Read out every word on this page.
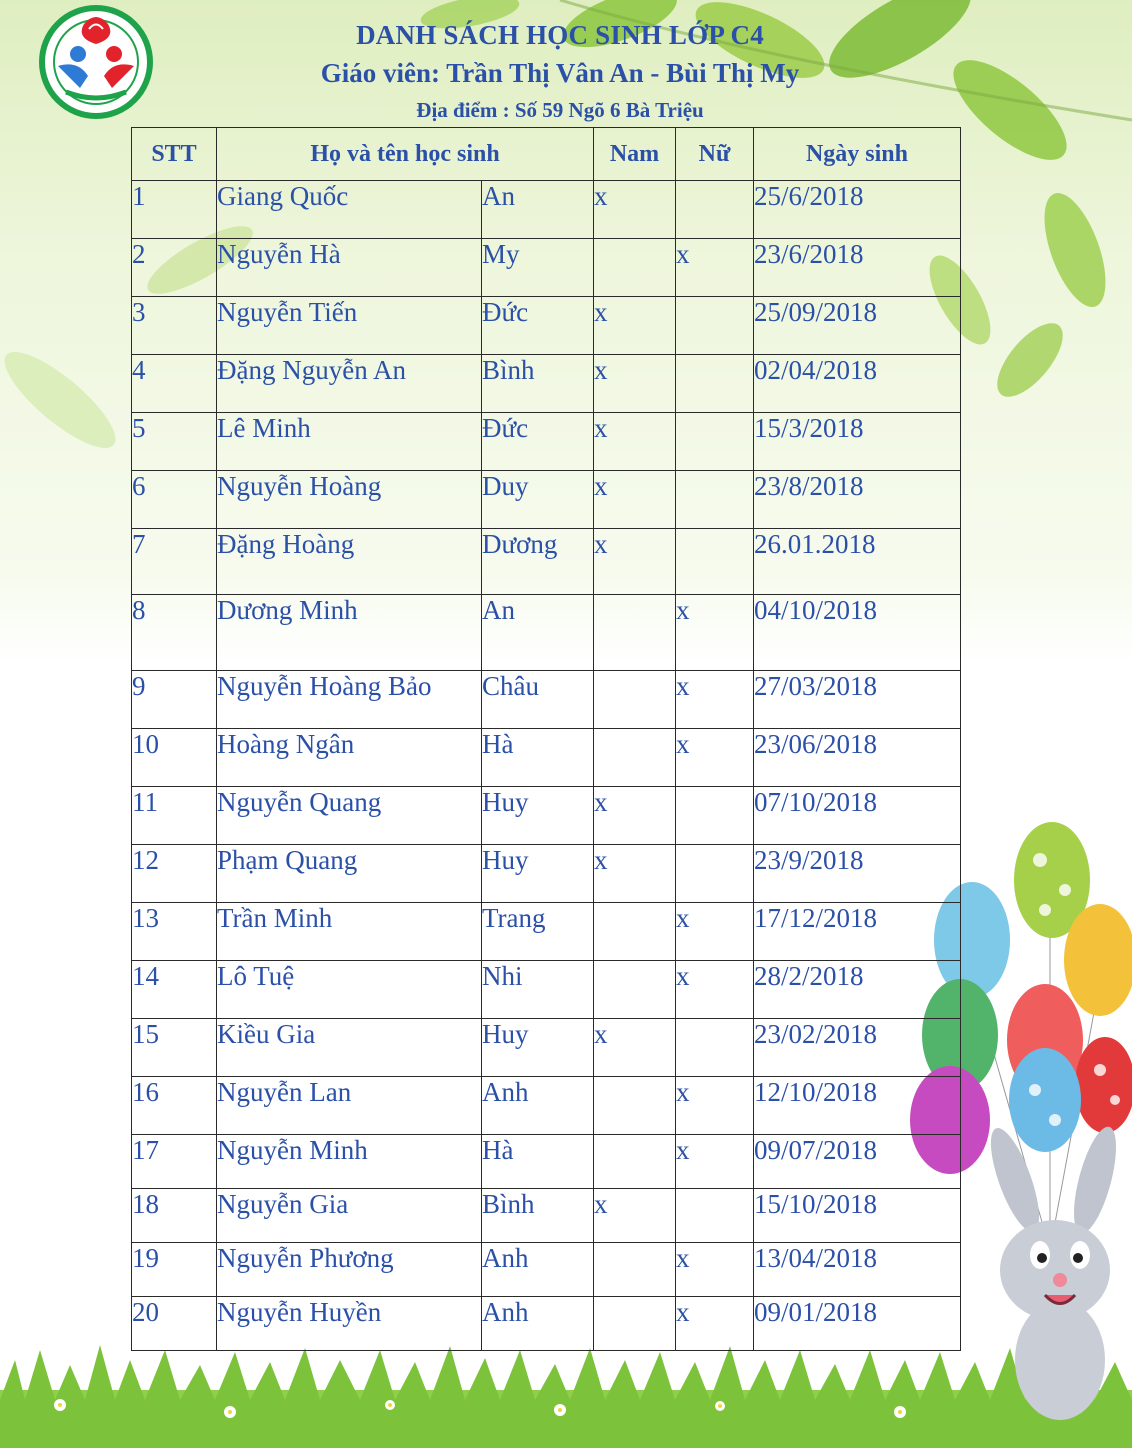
DANH SÁCH HỌC SINH LỚP C4
Giáo viên: Trần Thị Vân An - Bùi Thị My
Địa điểm : Số 59 Ngõ 6 Bà Triệu
STT	Họ và tên học sinh		Nam	Nữ	Ngày sinh
1	Giang Quốc	An	x		25/6/2018
2	Nguyễn Hà	My		x	23/6/2018
3	Nguyễn Tiến	Đức	x		25/09/2018
4	Đặng Nguyễn An	Bình	x		02/04/2018
5	Lê Minh	Đức	x		15/3/2018
6	Nguyễn Hoàng	Duy	x		23/8/2018
7	Đặng Hoàng	Dương	x		26.01.2018
8	Dương Minh	An		x	04/10/2018
9	Nguyễn Hoàng Bảo	Châu		x	27/03/2018
10	Hoàng Ngân	Hà		x	23/06/2018
11	Nguyễn Quang	Huy	x		07/10/2018
12	Phạm Quang	Huy	x		23/9/2018
13	Trần Minh	Trang		x	17/12/2018
14	Lô Tuệ	Nhi		x	28/2/2018
15	Kiều Gia	Huy	x		23/02/2018
16	Nguyễn Lan	Anh		x	12/10/2018
17	Nguyễn Minh	Hà		x	09/07/2018
18	Nguyễn Gia	Bình	x		15/10/2018
19	Nguyễn Phương	Anh		x	13/04/2018
20	Nguyễn Huyền	Anh		x	09/01/2018
